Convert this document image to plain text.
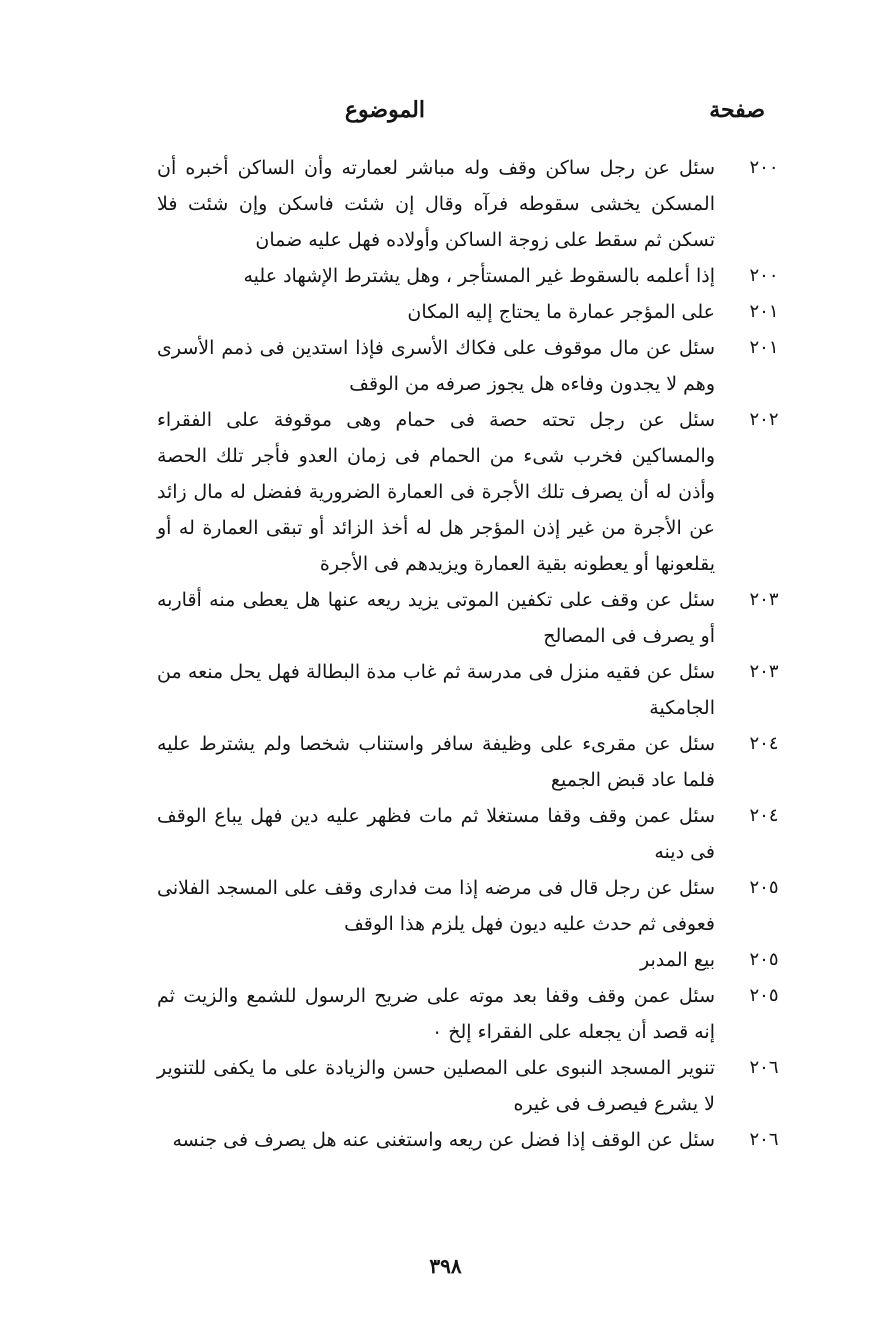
صفحة
الموضوع
٢٠٠
سئل عن رجل ساكن وقف وله مباشر لعمارته وأن الساكن أخبره أن المسكن يخشى سقوطه فرآه وقال إن شئت فاسكن وإن شئت فلا تسكن ثم سقط على زوجة الساكن وأولاده فهل عليه ضمان
٢٠٠
إذا أعلمه بالسقوط غير المستأجر ، وهل يشترط الإشهاد عليه
٢٠١
على المؤجر عمارة ما يحتاج إليه المكان
٢٠١
سئل عن مال موقوف على فكاك الأسرى فإذا استدين فى ذمم الأسرى وهم لا يجدون وفاءه هل يجوز صرفه من الوقف
٢٠٢
سئل عن رجل تحته حصة فى حمام وهى موقوفة على الفقراء والمساكين فخرب شىء من الحمام فى زمان العدو فأجر تلك الحصة وأذن له أن يصرف تلك الأجرة فى العمارة الضرورية ففضل له مال زائد عن الأجرة من غير إذن المؤجر هل له أخذ الزائد أو تبقى العمارة له أو يقلعونها أو يعطونه بقية العمارة ويزيدهم فى الأجرة
٢٠٣
سئل عن وقف على تكفين الموتى يزيد ريعه عنها هل يعطى منه أقاربه أو يصرف فى المصالح
٢٠٣
سئل عن فقيه منزل فى مدرسة ثم غاب مدة البطالة فهل يحل منعه من الجامكية
٢٠٤
سئل عن مقرىء على وظيفة سافر واستناب شخصا ولم يشترط عليه فلما عاد قبض الجميع
٢٠٤
سئل عمن وقف وقفا مستغلا ثم مات فظهر عليه دين فهل يباع الوقف فى دينه
٢٠٥
سئل عن رجل قال فى مرضه إذا مت فدارى وقف على المسجد الفلانى فعوفى ثم حدث عليه ديون فهل يلزم هذا الوقف
٢٠٥
بيع المدبر
٢٠٥
سئل عمن وقف وقفا بعد موته على ضريح الرسول للشمع والزيت ثم إنه قصد أن يجعله على الفقراء إلخ ٠
٢٠٦
تنوير المسجد النبوى على المصلين حسن والزيادة على ما يكفى للتنوير لا يشرع فيصرف فى غيره
٢٠٦
سئل عن الوقف إذا فضل عن ريعه واستغنى عنه هل يصرف فى جنسه
٣٩٨
